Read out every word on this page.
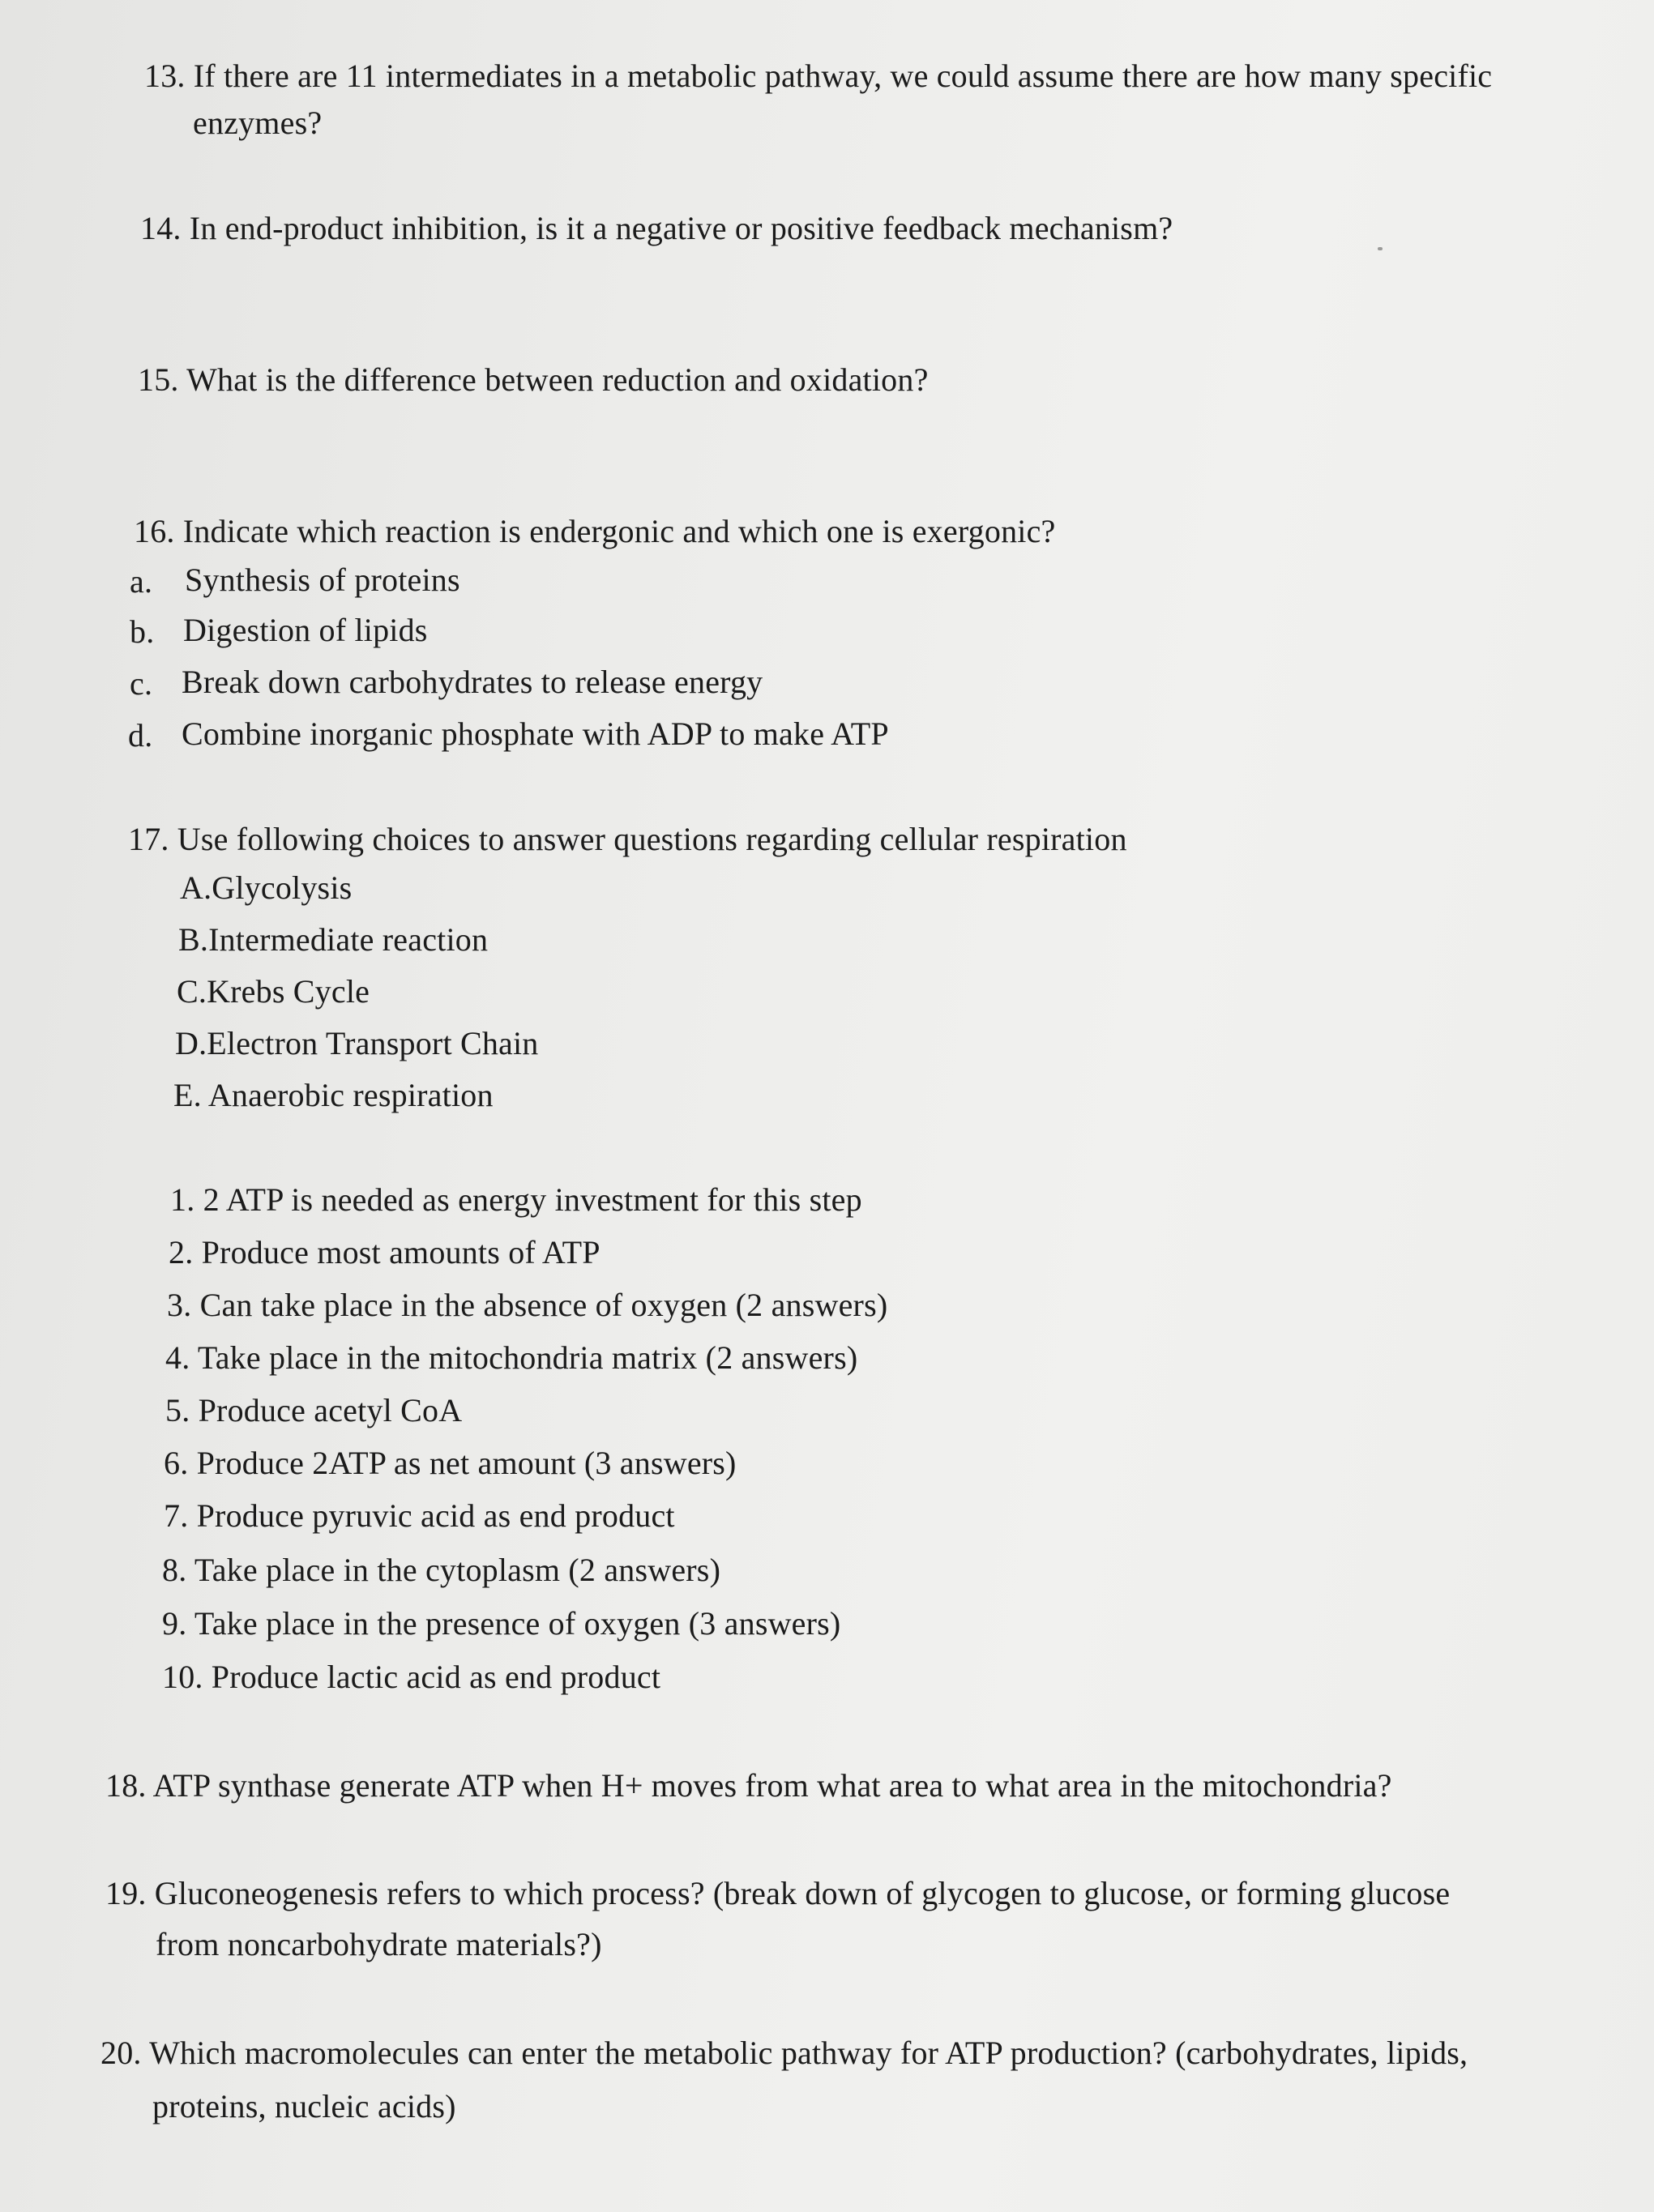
13. If there are 11 intermediates in a metabolic pathway, we could assume there are how many specific
enzymes?
14. In end-product inhibition, is it a negative or positive feedback mechanism?
15. What is the difference between reduction and oxidation?
16. Indicate which reaction is endergonic and which one is exergonic?
a. Synthesis of proteins
b. Digestion of lipids
c. Break down carbohydrates to release energy
d. Combine inorganic phosphate with ADP to make ATP
17. Use following choices to answer questions regarding cellular respiration
A.Glycolysis
B.Intermediate reaction
C.Krebs Cycle
D.Electron Transport Chain
E. Anaerobic respiration
1. 2 ATP is needed as energy investment for this step
2. Produce most amounts of ATP
3. Can take place in the absence of oxygen (2 answers)
4. Take place in the mitochondria matrix (2 answers)
5. Produce acetyl CoA
6. Produce 2ATP as net amount (3 answers)
7. Produce pyruvic acid as end product
8. Take place in the cytoplasm (2 answers)
9. Take place in the presence of oxygen (3 answers)
10. Produce lactic acid as end product
18. ATP synthase generate ATP when H+ moves from what area to what area in the mitochondria?
19. Gluconeogenesis refers to which process? (break down of glycogen to glucose, or forming glucose
from noncarbohydrate materials?)
20. Which macromolecules can enter the metabolic pathway for ATP production? (carbohydrates, lipids,
proteins, nucleic acids)
